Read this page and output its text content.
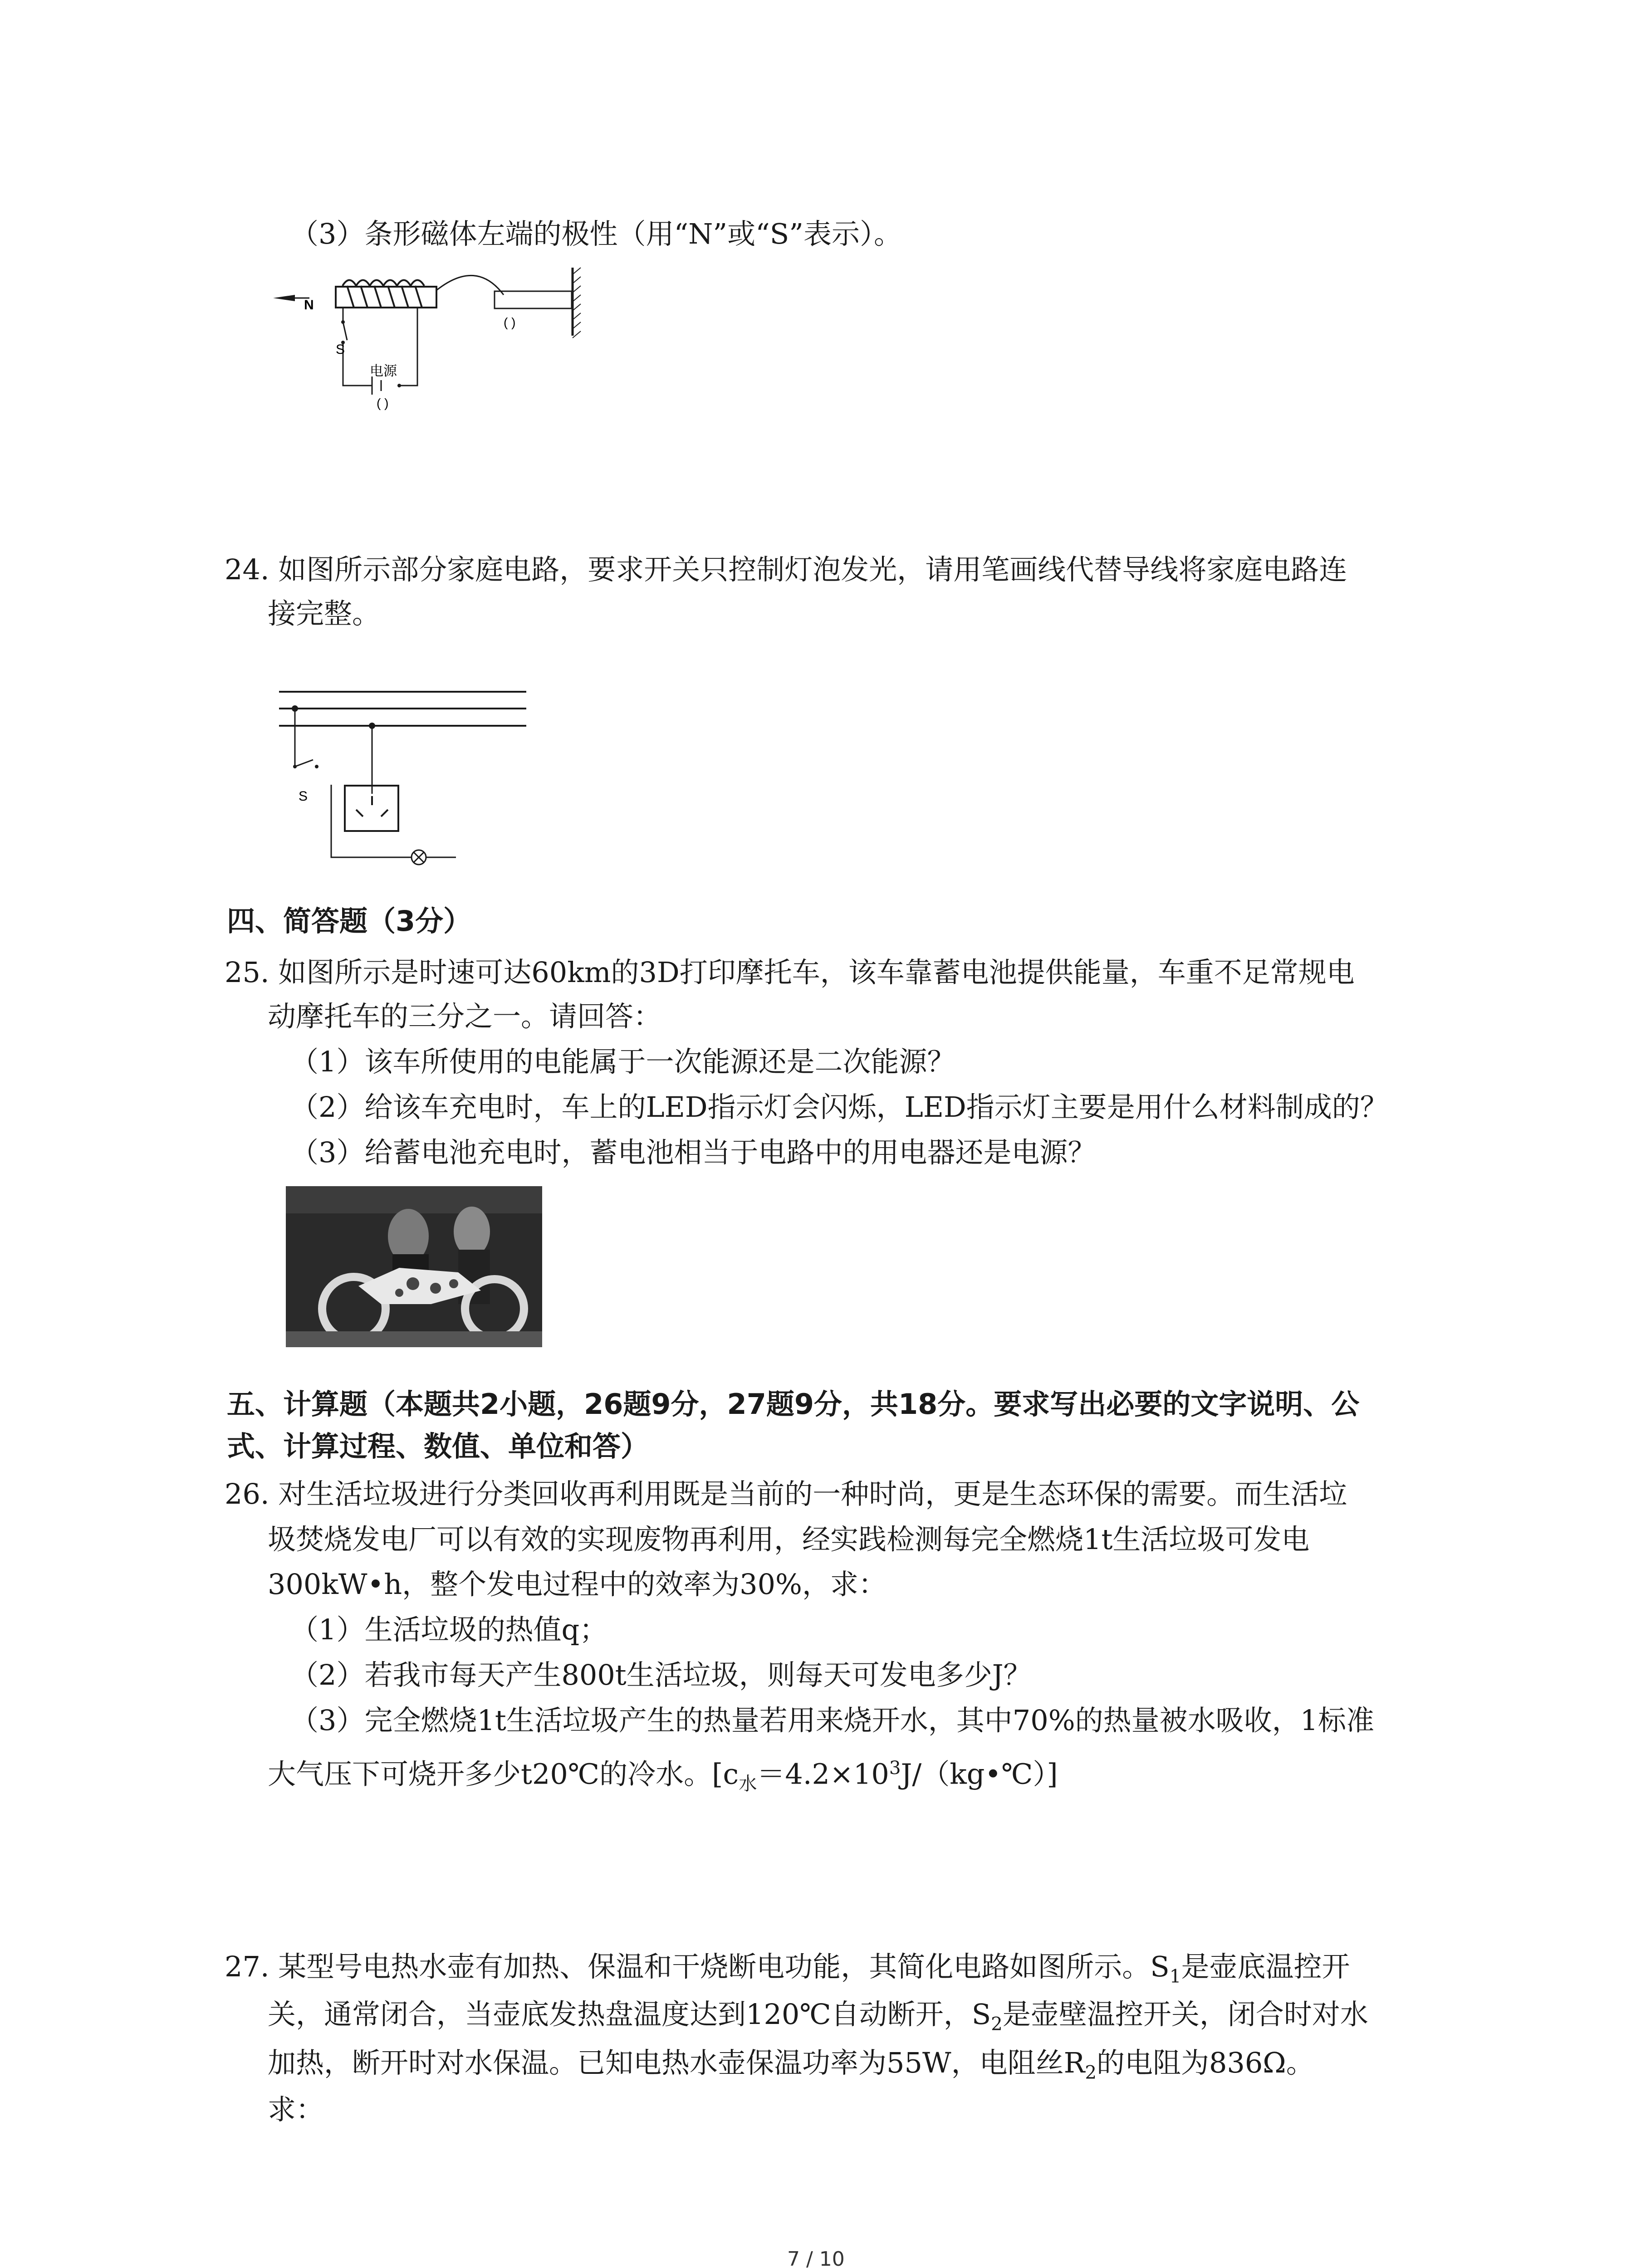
（3）条形磁体左端的极性（用“N”或“S”表示）。
N
( )
S
电源
( )
24. 如图所示部分家庭电路，要求开关只控制灯泡发光，请用笔画线代替导线将家庭电路连
接完整。
S
四、简答题（3分）
25. 如图所示是时速可达60km的3D打印摩托车，该车靠蓄电池提供能量，车重不足常规电
动摩托车的三分之一。请回答：
（1）该车所使用的电能属于一次能源还是二次能源？
（2）给该车充电时，车上的LED指示灯会闪烁，LED指示灯主要是用什么材料制成的？
（3）给蓄电池充电时，蓄电池相当于电路中的用电器还是电源？
五、计算题（本题共2小题，26题9分，27题9分，共18分。要求写出必要的文字说明、公
式、计算过程、数值、单位和答）
26. 对生活垃圾进行分类回收再利用既是当前的一种时尚，更是生态环保的需要。而生活垃
圾焚烧发电厂可以有效的实现废物再利用，经实践检测每完全燃烧1t生活垃圾可发电
300kW•h，整个发电过程中的效率为30%，求：
（1）生活垃圾的热值q；
（2）若我市每天产生800t生活垃圾，则每天可发电多少J？
（3）完全燃烧1t生活垃圾产生的热量若用来烧开水，其中70%的热量被水吸收，1标准
大气压下可烧开多少t20℃的冷水。$[c_水=4.2\times 10^3J/(kg•℃)]$
27. 某型号电热水壶有加热、保温和干烧断电功能，其简化电路如图所示。$S_1$是壶底温控开
关，通常闭合，当壶底发热盘温度达到120℃自动断开，$S_2$是壶壁温控开关，闭合时对水
加热，断开时对水保温。已知电热水壶保温功率为55W，电阻丝$R_2$的电阻为836Ω。
求：
7 / 10
